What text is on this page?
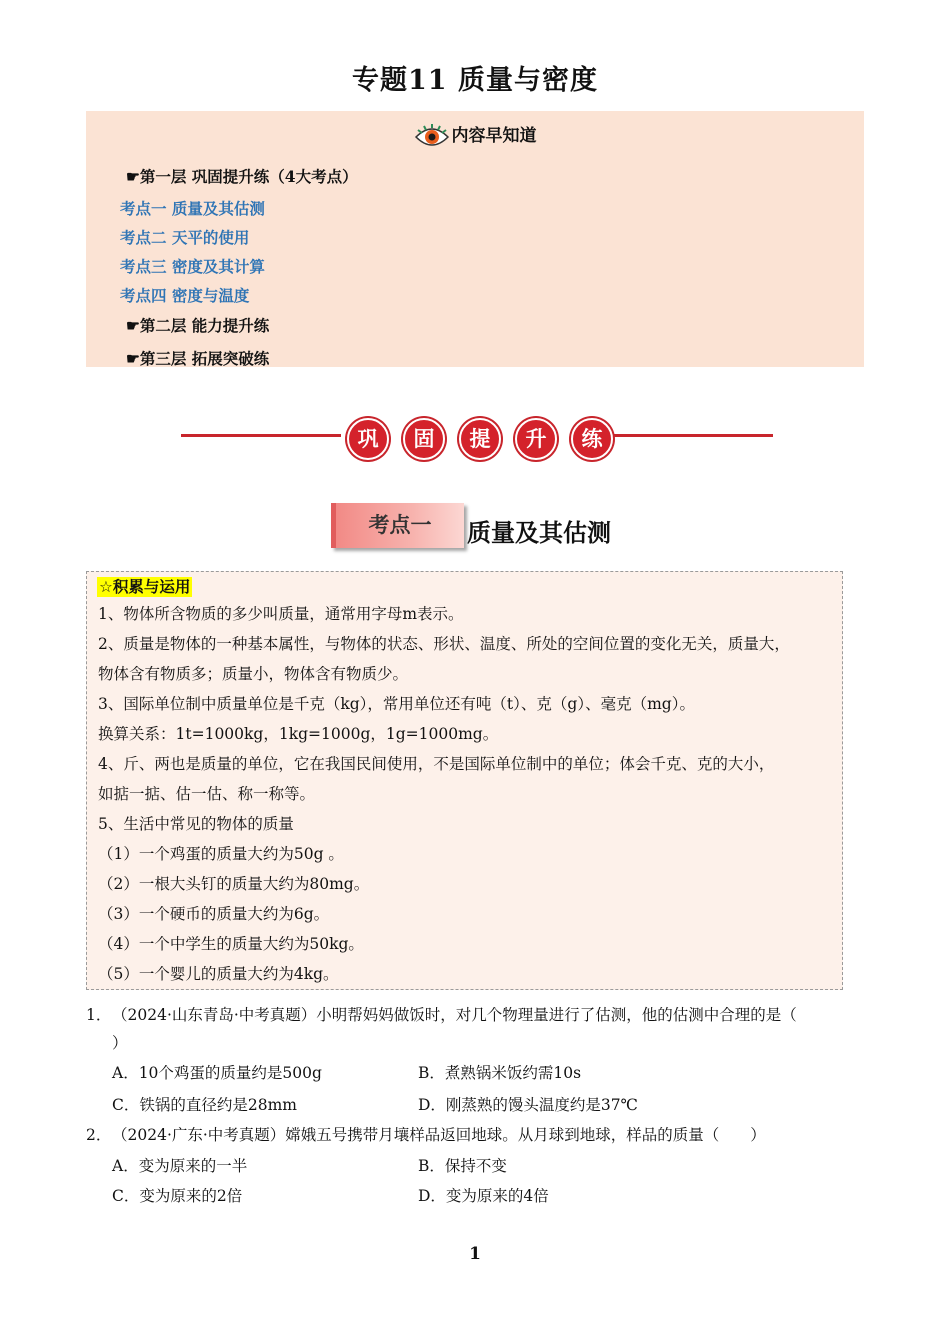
专题11 质量与密度
内容早知道
☛第一层 巩固提升练（4大考点）
考点一 质量及其估测
考点二 天平的使用
考点三 密度及其计算
考点四 密度与温度
☛第二层 能力提升练
☛第三层 拓展突破练
巩	固	提	升	练
考点一	质量及其估测
☆积累与运用
1、物体所含物质的多少叫质量，通常用字母m表示。
2、质量是物体的一种基本属性，与物体的状态、形状、温度、所处的空间位置的变化无关，质量大，
物体含有物质多；质量小，物体含有物质少。
3、国际单位制中质量单位是千克（kg），常用单位还有吨（t）、克（g）、毫克（mg）。
换算关系：1t=1000kg，1kg=1000g，1g=1000mg。
4、斤、两也是质量的单位，它在我国民间使用，不是国际单位制中的单位；体会千克、克的大小，
如掂一掂、估一估、称一称等。
5、生活中常见的物体的质量
（1）一个鸡蛋的质量大约为50g 。
（2）一根大头钉的质量大约为80mg。
（3）一个硬币的质量大约为6g。
（4）一个中学生的质量大约为50kg。
（5）一个婴儿的质量大约为4kg。
1． （2024·山东青岛·中考真题）小明帮妈妈做饭时，对几个物理量进行了估测，他的估测中合理的是（
）
A．10个鸡蛋的质量约是500g	B．煮熟锅米饭约需10s
C．铁锅的直径约是28mm	D．刚蒸熟的馒头温度约是37℃
2． （2024·广东·中考真题）嫦娥五号携带月壤样品返回地球。从月球到地球，样品的质量（　　）
A．变为原来的一半	B．保持不变
C．变为原来的2倍	D．变为原来的4倍
1
